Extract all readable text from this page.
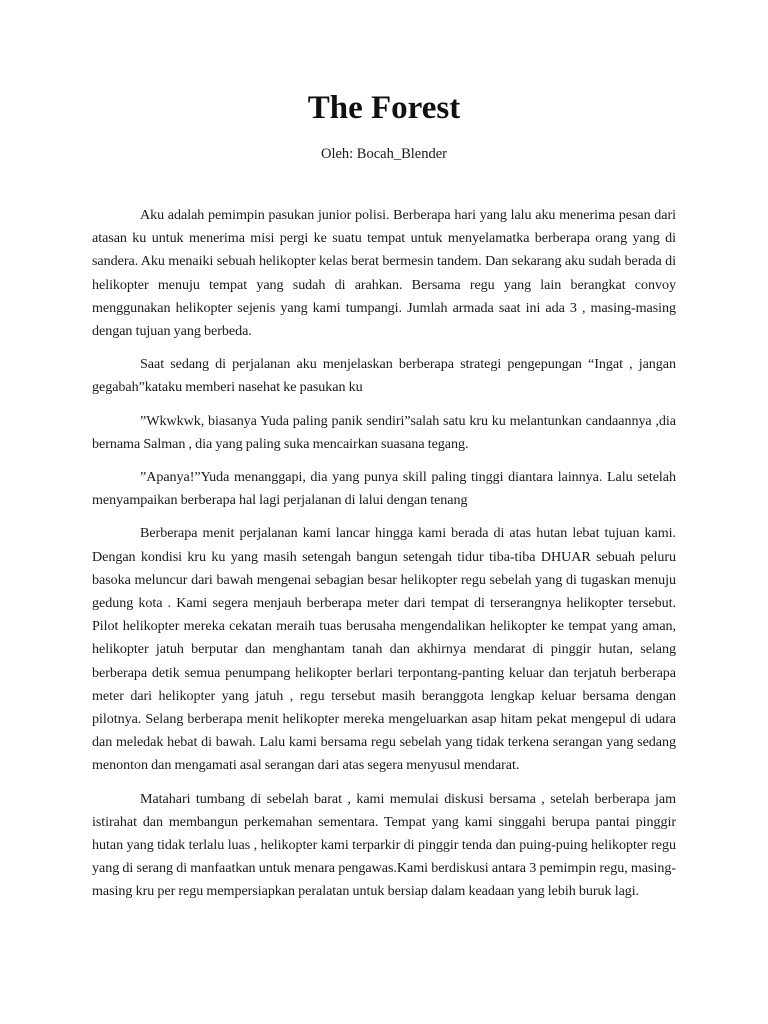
The Forest

Oleh: Bocah_Blender

Aku adalah pemimpin pasukan junior polisi. Berberapa hari yang lalu aku menerima pesan dari atasan ku untuk menerima misi pergi ke suatu tempat untuk menyelamatka berberapa orang yang di sandera. Aku menaiki sebuah helikopter kelas berat bermesin tandem. Dan sekarang aku sudah berada di helikopter menuju tempat yang sudah di arahkan. Bersama regu yang lain berangkat convoy menggunakan helikopter sejenis yang kami tumpangi. Jumlah armada saat ini ada 3 , masing-masing dengan tujuan yang berbeda.

Saat sedang di perjalanan aku menjelaskan berberapa strategi pengepungan “Ingat , jangan gegabah”kataku memberi nasehat ke pasukan ku

”Wkwkwk, biasanya Yuda paling panik sendiri”salah satu kru ku melantunkan candaannya ,dia bernama Salman , dia yang paling suka mencairkan suasana tegang.

”Apanya!”Yuda menanggapi, dia yang punya skill paling tinggi diantara lainnya. Lalu setelah menyampaikan berberapa hal lagi perjalanan di lalui dengan tenang

Berberapa menit perjalanan kami lancar hingga kami berada di atas hutan lebat tujuan kami. Dengan kondisi kru ku yang masih setengah bangun setengah tidur tiba-tiba DHUAR sebuah peluru basoka meluncur dari bawah mengenai sebagian besar helikopter regu sebelah yang di tugaskan menuju gedung kota . Kami segera menjauh berberapa meter dari tempat di terserangnya helikopter tersebut. Pilot helikopter mereka cekatan meraih tuas berusaha mengendalikan helikopter ke tempat yang aman, helikopter jatuh berputar dan menghantam tanah dan akhirnya mendarat di pinggir hutan, selang berberapa detik semua penumpang helikopter berlari terpontang-panting keluar dan terjatuh berberapa meter dari helikopter yang jatuh , regu tersebut masih beranggota lengkap keluar bersama dengan pilotnya. Selang berberapa menit helikopter mereka mengeluarkan asap hitam pekat mengepul di udara dan meledak hebat di bawah. Lalu kami bersama regu sebelah yang tidak terkena serangan yang sedang menonton dan mengamati asal serangan dari atas segera menyusul mendarat.

Matahari tumbang di sebelah barat , kami memulai diskusi bersama , setelah berberapa jam istirahat dan membangun perkemahan sementara. Tempat yang kami singgahi berupa pantai pinggir hutan yang tidak terlalu luas , helikopter kami terparkir di pinggir tenda dan puing-puing helikopter regu yang di serang di manfaatkan untuk menara pengawas.Kami berdiskusi antara 3 pemimpin regu, masing-masing kru per regu mempersiapkan peralatan untuk bersiap dalam keadaan yang lebih buruk lagi.
